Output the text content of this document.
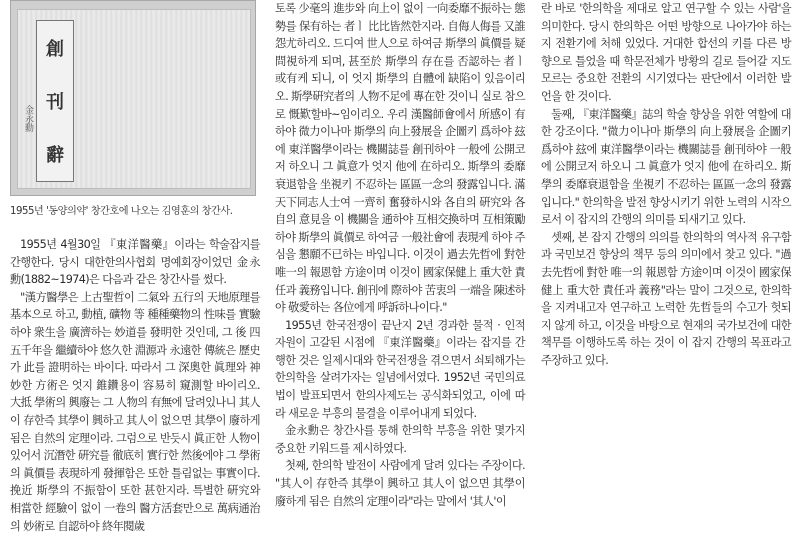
創
刊
辭
金永勳
1955년 '동양의약' 창간호에 나오는 김영훈의 창간사.

1955년 4월30일 『東洋醫藥』이라는 학술잡지를 간행한다. 당시 대한한의사협회 명예회장이었던 金永勳(1882~1974)은 다음과 같은 창간사를 썼다.

"漢方醫學은 上古聖哲이 二氣와 五行의 天地原理를 基本으로 하고, 動植, 礦物 等 種種藥物의 性味를 實驗하야 衆生을 廣濟하는 妙道를 發明한 것인데, 그 後 四五千年을 繼續하야 悠久한 淵源과 永遠한 傳統은 歷史가 此를 證明하는 바이다. 따라서 그 深奧한 眞理와 神妙한 方術은 엇지 錐鑽용이 容易히 窺測할 바이리오. 大抵 學術의 興廢는 그 人物의 有無에 달려있나니 其人이 存한즉 其學이 興하고 其人이 없으면 其學이 廢하게 됨은 自然의 定理이라. 그럼으로 반듯시 眞正한 人物이 있어서 沉潛한 硏究를 徹底히 實行한 然後에야 그 學術의 眞價를 表現하게 發揮함은 또한 틀림없는 事實이다. 挽近 斯學의 不振함이 또한 甚한지라. 특별한 硏究와 相當한 經驗이 없이 一卷의 醫方活套만으로 萬病通治의 妙術로 自認하야 終年閱歲

토록 少毫의 進步와 向上이 없이 一向委靡不振하는 態勢를 保有하는 者ㅣ 比比皆然한지라. 自侮人侮를 又誰怨尤하리오. 드디여 世人으로 하여금 斯學의 眞價를 疑問視하게 되며, 甚至於 斯學의 存在를 否認하는 者ㅣ 或有케 되니, 이 엇지 斯學의 自體에 缺陷이 있음이리오. 斯學硏究者의 人物不足에 專在한 것이니 실로 참으로 慨歎할바~임이리오. 우리 漢醫師會에서 所感이 有하야 微力이나마 斯學의 向上發展을 企圖키 爲하야 玆에 東洋醫學이라는 機關誌를 創刊하야 一般에 公開코저 하오니 그 眞意가 엇지 他에 在하리오. 斯學의 委靡衰退함을 坐視키 不忍하는 區區一念의 發露입니다. 滿天下同志人士여 一齊히 奮發하시와 各自의 硏究와 各自의 意見을 이 機關을 通하야 互相交換하며 互相策勵하야 斯學의 眞價로 하여금 一般社會에 表現케 하야 주심을 懇願不已하는 바입니다. 이것이 過去先哲에 對한 唯一의 報恩함 方途이며 이것이 國家保健上 重大한 責任과 義務입니다. 創刊에 際하야 苦衷의 一端을 陳述하야 敬愛하는 各位에게 呼訴하나이다."

1955년 한국전쟁이 끝난지 2년 경과한 물적 · 인적 자원이 고갈된 시점에 『東洋醫藥』이라는 잡지를 간행한 것은 일제시대와 한국전쟁을 겪으면서 쇠퇴해가는 한의학을 살려가자는 일념에서였다. 1952년 국민의료법이 발표되면서 한의사제도는 공식화되었고, 이에 따라 새로운 부흥의 물결을 이루어내게 되었다.

金永勳은 창간사를 통해 한의학 부흥을 위한 몇가지 중요한 키워드를 제시하였다.

첫째, 한의학 발전이 사람에게 달려 있다는 주장이다. "其人이 存한즉 其學이 興하고 其人이 없으면 其學이 廢하게 됨은 自然의 定理이라"라는 말에서 '其人'이

란 바로 '한의학을 제대로 알고 연구할 수 있는 사람'을 의미한다. 당시 한의학은 어떤 방향으로 나아가야 하는지 전환기에 처해 있었다. 거대한 합선의 키를 다른 방향으로 틀었을 때 학문전체가 방황의 길로 들어갈 지도 모르는 중요한 전환의 시기였다는 판단에서 이러한 발언을 한 것이다.

둘째, 『東洋醫藥』誌의 학술 향상을 위한 역할에 대한 강조이다. "微力이나마 斯學의 向上發展을 企圖키 爲하야 玆에 東洋醫學이라는 機關誌를 創刊하야 一般에 公開코저 하오니 그 眞意가 엇지 他에 在하리오. 斯學의 委靡衰退함을 坐視키 不忍하는 區區一念의 發露입니다." 한의학을 발전 향상시키기 위한 노력의 시작으로서 이 잡지의 간행의 의미를 되새기고 있다.

셋째, 본 잡지 간행의 의의를 한의학의 역사적 유구함과 국민보건 향상의 책무 등의 의미에서 찾고 있다. "過去先哲에 對한 唯一의 報恩함 方途이며 이것이 國家保健上 重大한 責任과 義務"라는 말이 그것으로, 한의학을 지켜내고자 연구하고 노력한 先哲들의 수고가 헛되지 않게 하고, 이것을 바탕으로 현재의 국가보건에 대한 책무를 이행하도록 하는 것이 이 잡지 간행의 목표라고 주장하고 있다.
